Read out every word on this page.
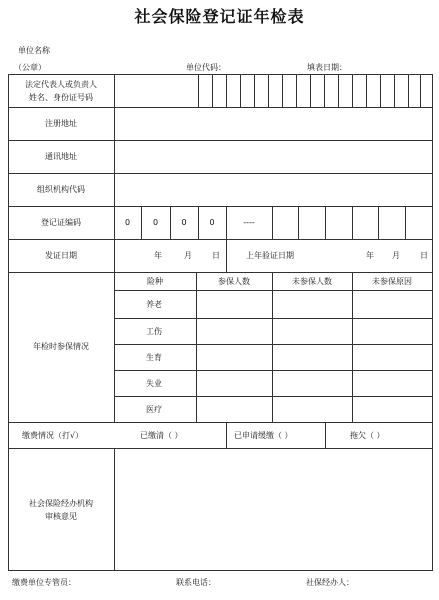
社会保险登记证年检表
单位名称
（公章）	单位代码：	填表日期：
法定代表人或负责人
姓名、身份证号码
注册地址
通讯地址
组织机构代码
登记证编码	0	0	0	0	----
发证日期	年	月	日	上年验证日期	年 月	日
年检时参保情况
险种	参保人数	未参保人数	未参保原因
养老
工伤
生育
失业
医疗
缴费情况（打√）	已缴清（ ）	已申请缓缴（ ）	拖欠（ ）
社会保险经办机构
审核意见
缴费单位专管员：	联系电话：	社保经办人：
